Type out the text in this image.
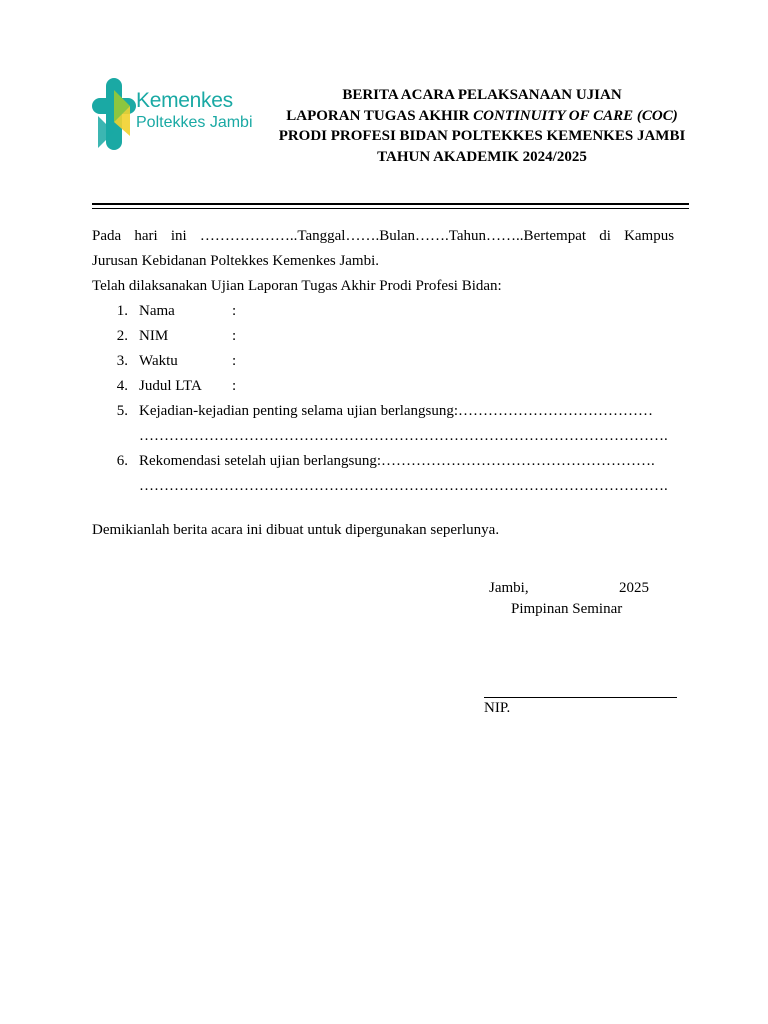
Kemenkes
Poltekkes Jambi
BERITA ACARA PELAKSANAAN UJIAN
LAPORAN TUGAS AKHIR CONTINUITY OF CARE (COC)
PRODI PROFESI BIDAN POLTEKKES KEMENKES JAMBI
TAHUN AKADEMIK 2024/2025
Pada hari ini ………………..Tanggal…….Bulan…….Tahun……..Bertempat di Kampus
Jurusan Kebidanan Poltekkes Kemenkes Jambi.
Telah dilaksanakan Ujian Laporan Tugas Akhir Prodi Profesi Bidan:
1. Nama	:
2. NIM	:
3. Waktu	:
4. Judul LTA :
5. Kejadian-kejadian penting selama ujian berlangsung:…………………………………
…………………………………………………………………………………………….
6. Rekomendasi setelah ujian berlangsung:……………………………………………….
…………………………………………………………………………………………….
Demikianlah berita acara ini dibuat untuk dipergunakan seperlunya.
Jambi,	2025
Pimpinan Seminar
NIP.
